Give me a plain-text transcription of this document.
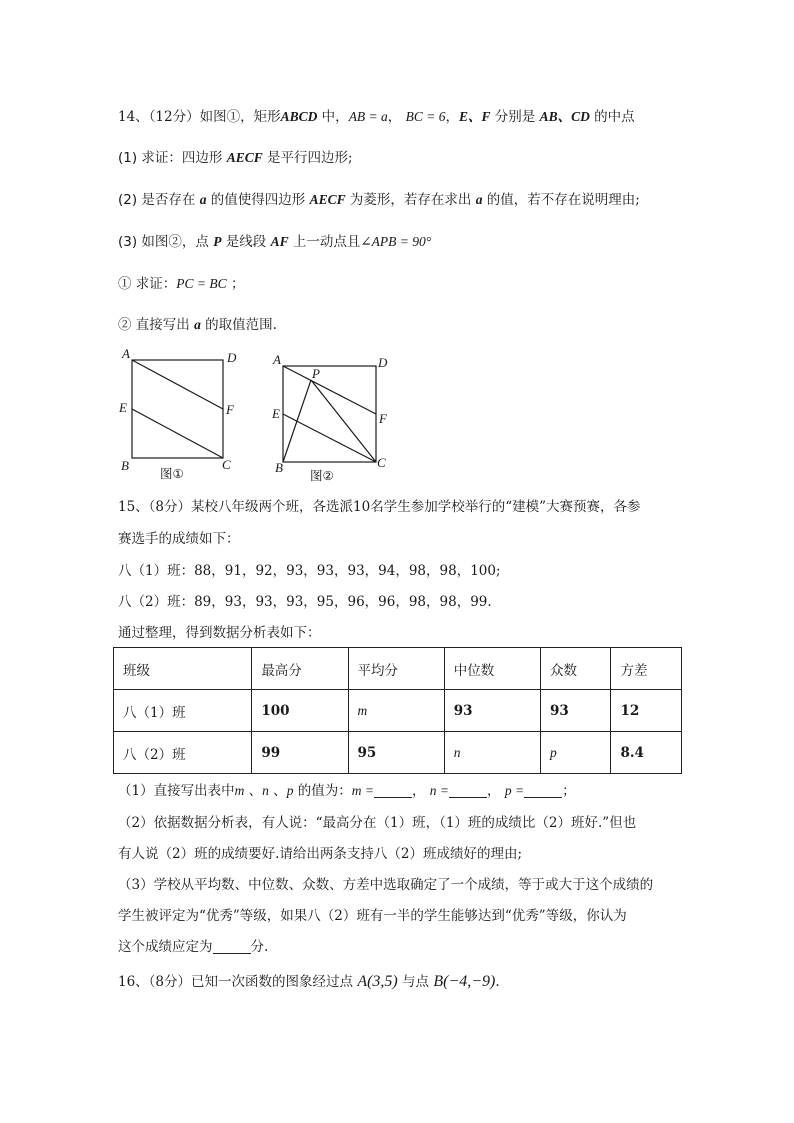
14、（12分）如图①，矩形ABCD 中，AB = a， BC = 6，E、F 分别是 AB、CD 的中点
(1) 求证：四边形 AECF 是平行四边形;
(2) 是否存在 a 的值使得四边形 AECF 为菱形，若存在求出 a 的值，若不存在说明理由;
(3) 如图②，点 P 是线段 AF 上一动点且∠APB = 90°
① 求证：PC = BC ；
② 直接写出 a 的取值范围.
A	D
E	F
B	C
图①
A	D
P
E	F
B	C
图②
15、（8分）某校八年级两个班，各选派10名学生参加学校举行的“建模”大赛预赛，各参
赛选手的成绩如下：
八（1）班：88，91，92，93，93，93，94，98，98，100;
八（2）班：89，93，93，93，95，96，96，98，98，99.
通过整理，得到数据分析表如下：
班级	最高分	平均分	中位数	众数	方差
八（1）班	100	m	93	93	12
八（2）班	99	95	n	p	8.4
（1）直接写出表中m 、n 、p 的值为：m =	， n =	， p =	；
（2）依据数据分析表，有人说：“最高分在（1）班，（1）班的成绩比（2）班好.”但也
有人说（2）班的成绩要好.请给出两条支持八（2）班成绩好的理由;
（3）学校从平均数、中位数、众数、方差中选取确定了一个成绩，等于或大于这个成绩的
学生被评定为“优秀”等级，如果八（2）班有一半的学生能够达到“优秀”等级，你认为
这个成绩应定为	分.
16、（8分）已知一次函数的图象经过点 A(3,5) 与点 B(−4,−9).
